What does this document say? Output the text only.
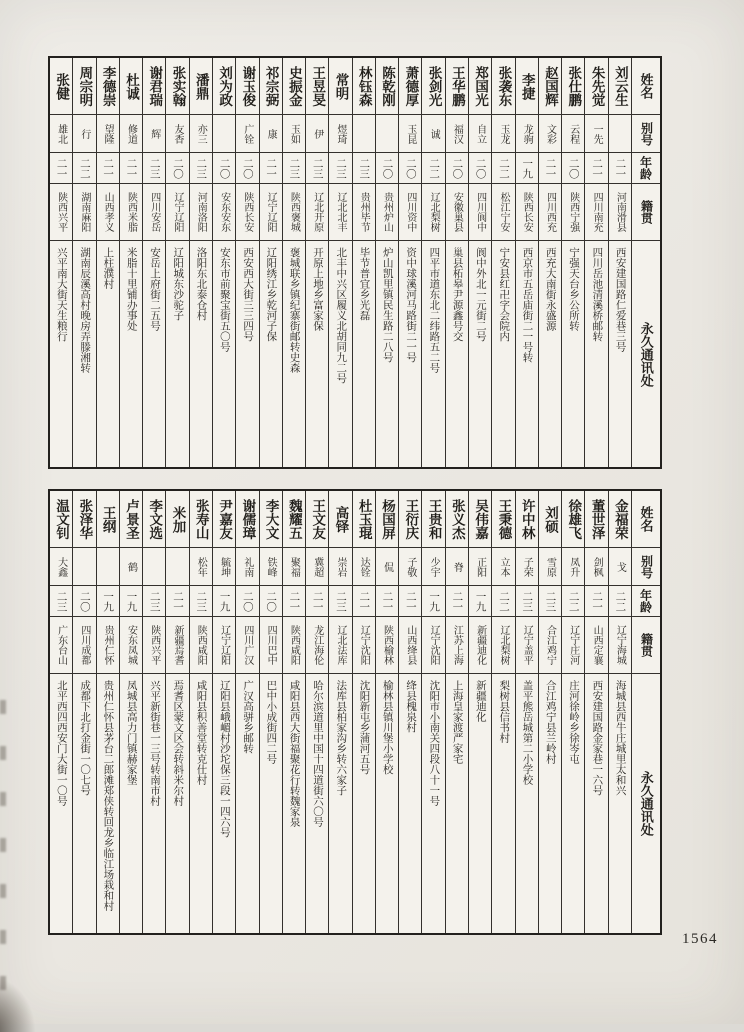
姓名
别号
年龄
籍贯
永久通讯处
刘云生
二一
河南滑县
西安建国路仁爱巷三号
朱先觉
一先
二一
四川南充
四川岳池清溪桥邮转
张仕鹏
云程
二〇
陕西宁强
宁强天台乡公所转
赵国辉
文彩
二一
四川西充
西充大南街永盛源
李捷
龙驹
一九
陕西长安
西京市五岳庙街二一号转
张袭东
玉龙
二二
松江宁安
宁安县红卍字会院内
郑国光
自立
二〇
四川阆中
阆中外北一元街二号
王华鹏
福汉
二〇
安徽巢县
巢县柘皋尹源鑫号交
张剑光
诚
二二
辽北梨树
四平市道东北二纬路五二号
萧德厚
玉昆
二〇
四川资中
资中球溪河马路街二一号
陈乾刚
二〇
贵州炉山
炉山凯里镇民生路二八号
林钰森
二三
贵州毕节
毕节普宜乡光磊
常明
煜琦
二三
辽北北丰
北丰中兴区履义北胡同九二号
王昱旻
伊
二三
辽北开原
开原上地乡富家保
史振金
玉如
二三
陕西褒城
褒城联乡镇纪寨街邮转史森
祁宗弼
康
二一
辽宁辽阳
辽阳绣江乡乾河子保
谢玉俊
广铨
二〇
陕西长安
西安西大街三三四号
刘为政
二〇
安东安东
安东市前聚宝街五〇号
潘鼎
亦三
二三
河南洛阳
洛阳东北泰仓村
张实翰
友香
二〇
辽宁辽阳
辽阳城东沙驼子
谢君瑞
辉
二三
四川安岳
安岳上府街二五号
杜诚
修道
二一
陕西米脂
米脂十里铺办事处
李德崇
望隆
二一
山西孝义
上柱濮村
周宗明
行
二二
湖南麻阳
湖南辰溪高村晚房弄滕湘转
张健
雄北
二一
陕西兴平
兴平南大街天生粮行
姓名
别号
年龄
籍贯
永久通讯处
金福荣
戈
二二
辽宁海城
海城县西牛庄城里太和兴
董世泽
剑枫
二一
山西定襄
西安建国路金家巷一六号
徐雄飞
凤升
二二
辽宁庄河
庄河徐岭乡徐岑屯
刘硕
雪原
二三
合江鸡宁
合江鸡宁县兰岭村
许中林
子荣
二三
辽宁盖平
盖平熊岳城第二小学校
王秉德
立本
二二
辽北梨树
梨树县信书村
吴伟嘉
正阳
一九
新疆迪化
新疆迪化
张义杰
脊
二一
江苏上海
上海皇家渡严家宅
王贵和
少宇
一九
辽宁沈阳
沈阳市小南关四段八十一号
王衍庆
子敬
二一
山西绛县
绛县槐泉村
杨国屏
侃
二一
陕西榆林
榆林县镇川堡小学校
杜玉琨
达铨
二一
辽宁沈阳
沈阳新屯乡蒲河五号
高铎
崇岩
二三
辽北法库
法库县柏家沟乡转六家子
王文友
冀超
二一
龙江海伦
哈尔滨道里中国十四道街六〇号
魏耀五
聚福
二一
陕西咸阳
咸阳县西大街福聚花行转魏家泉
李大文
铁峰
二〇
四川巴中
巴中小成街四二号
谢儒璋
礼南
二〇
四川广汉
广汉高骈乡邮转
尹嘉友
毓坤
一九
辽宁辽阳
辽阳县峨嵋村沙坨保三段一四六号
张寿山
松年
二三
陕西咸阳
咸阳县积善堂转克仕村
米加
二一
新疆焉耆
焉耆区蒙文区会转斜米尔村
李文选
二三
陕西兴平
兴平新街巷一三号转南市村
卢景圣
鹤
一九
安东凤城
凤城县高力门镇赫家堡
王纲
一九
贵州仁怀
贵州仁怀县茅台二郎滩郑侠转回龙乡临江场栽和村
张泽华
二〇
四川成都
成都下北打金街一〇七号
温文钊
大鑫
二三
广东台山
北平西四西安门大街一〇号
1564
